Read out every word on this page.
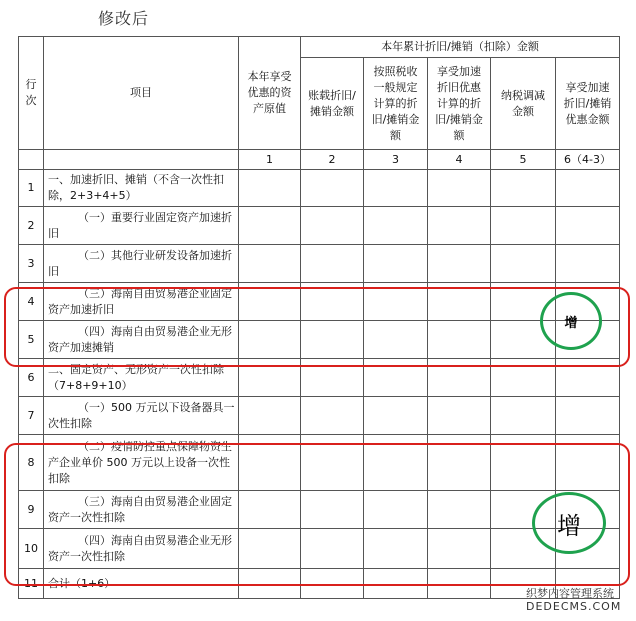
修改后
行次	项目	本年享受优惠的资产原值	本年累计折旧/摊销（扣除）金额				
			账载折旧/摊销金额	按照税收一般规定计算的折旧/摊销金额	享受加速折旧优惠计算的折旧/摊销金额	纳税调减金额	享受加速折旧/摊销优惠金额
		1	2	3	4	5	6（4-3）
1	一、加速折旧、摊销（不含一次性扣除，2+3+4+5）						
2	（一）重要行业固定资产加速折旧						
3	（二）其他行业研发设备加速折旧						
4	（三）海南自由贸易港企业固定资产加速折旧						
5	（四）海南自由贸易港企业无形资产加速摊销						
6	二、固定资产、无形资产一次性扣除（7+8+9+10）						
7	（一）500 万元以下设备器具一次性扣除						
8	（二）疫情防控重点保障物资生产企业单价 500 万元以上设备一次性扣除						
9	（三）海南自由贸易港企业固定资产一次性扣除						
10	（四）海南自由贸易港企业无形资产一次性扣除						
11	合计（1+6）						
增
增
织梦内容管理系统
DEDECMS.COM
